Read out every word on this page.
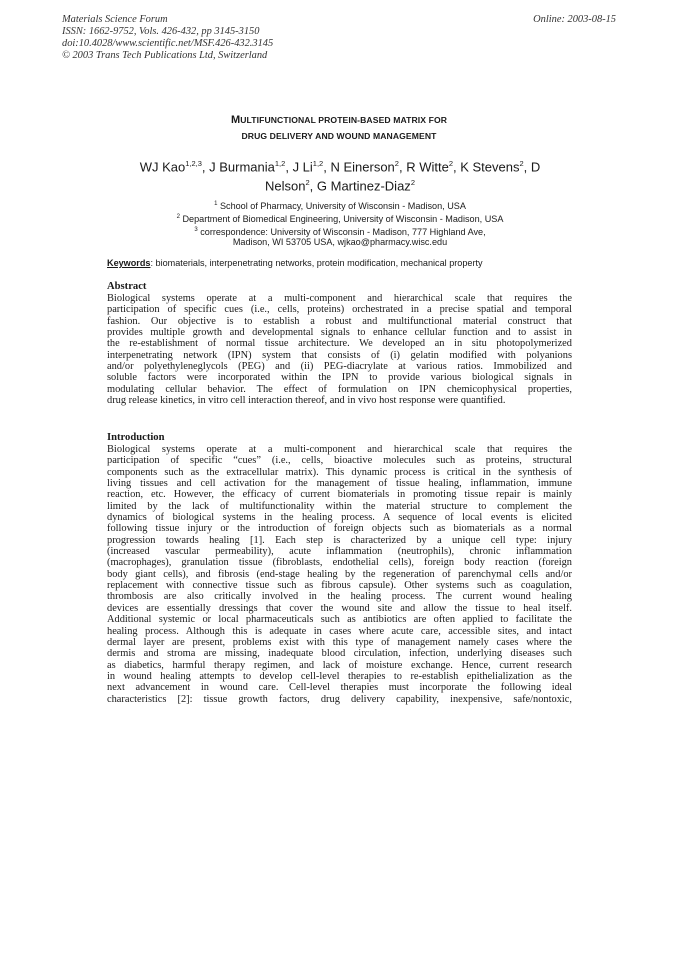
Materials Science Forum
ISSN: 1662-9752, Vols. 426-432, pp 3145-3150
doi:10.4028/www.scientific.net/MSF.426-432.3145
© 2003 Trans Tech Publications Ltd, Switzerland
Online: 2003-08-15
MULTIFUNCTIONAL PROTEIN-BASED MATRIX FOR
DRUG DELIVERY AND WOUND MANAGEMENT
WJ Kao$^{1,2,3}$, J Burmania$^{1,2}$, J Li$^{1,2}$, N Einerson$^2$, R Witte$^2$, K Stevens$^2$, D
Nelson$^2$, G Martinez-Diaz$^2$
$^1$ School of Pharmacy, University of Wisconsin - Madison, USA
$^2$ Department of Biomedical Engineering, University of Wisconsin - Madison, USA
$^3$ correspondence: University of Wisconsin - Madison, 777 Highland Ave,
Madison, WI 53705 USA, wjkao@pharmacy.wisc.edu
Keywords: biomaterials, interpenetrating networks, protein modification, mechanical property
Abstract
Biological systems operate at a multi-component and hierarchical scale that requires the
participation of specific cues (i.e., cells, proteins) orchestrated in a precise spatial and temporal
fashion. Our objective is to establish a robust and multifunctional material construct that
provides multiple growth and developmental signals to enhance cellular function and to assist in
the re-establishment of normal tissue architecture. We developed an in situ photopolymerized
interpenetrating network (IPN) system that consists of (i) gelatin modified with polyanions
and/or polyethyleneglycols (PEG) and (ii) PEG-diacrylate at various ratios. Immobilized and
soluble factors were incorporated within the IPN to provide various biological signals in
modulating cellular behavior. The effect of formulation on IPN chemicophysical properties,
drug release kinetics, in vitro cell interaction thereof, and in vivo host response were quantified.
Introduction
Biological systems operate at a multi-component and hierarchical scale that requires the
participation of specific “cues” (i.e., cells, bioactive molecules such as proteins, structural
components such as the extracellular matrix). This dynamic process is critical in the synthesis of
living tissues and cell activation for the management of tissue healing, inflammation, immune
reaction, etc. However, the efficacy of current biomaterials in promoting tissue repair is mainly
limited by the lack of multifunctionality within the material structure to complement the
dynamics of biological systems in the healing process. A sequence of local events is elicited
following tissue injury or the introduction of foreign objects such as biomaterials as a normal
progression towards healing [1]. Each step is characterized by a unique cell type: injury
(increased vascular permeability), acute inflammation (neutrophils), chronic inflammation
(macrophages), granulation tissue (fibroblasts, endothelial cells), foreign body reaction (foreign
body giant cells), and fibrosis (end-stage healing by the regeneration of parenchymal cells and/or
replacement with connective tissue such as fibrous capsule). Other systems such as coagulation,
thrombosis are also critically involved in the healing process. The current wound healing
devices are essentially dressings that cover the wound site and allow the tissue to heal itself.
Additional systemic or local pharmaceuticals such as antibiotics are often applied to facilitate the
healing process. Although this is adequate in cases where acute care, accessible sites, and intact
dermal layer are present, problems exist with this type of management namely cases where the
dermis and stroma are missing, inadequate blood circulation, infection, underlying diseases such
as diabetics, harmful therapy regimen, and lack of moisture exchange. Hence, current research
in wound healing attempts to develop cell-level therapies to re-establish epithelialization as the
next advancement in wound care. Cell-level therapies must incorporate the following ideal
characteristics [2]: tissue growth factors, drug delivery capability, inexpensive, safe/nontoxic,
